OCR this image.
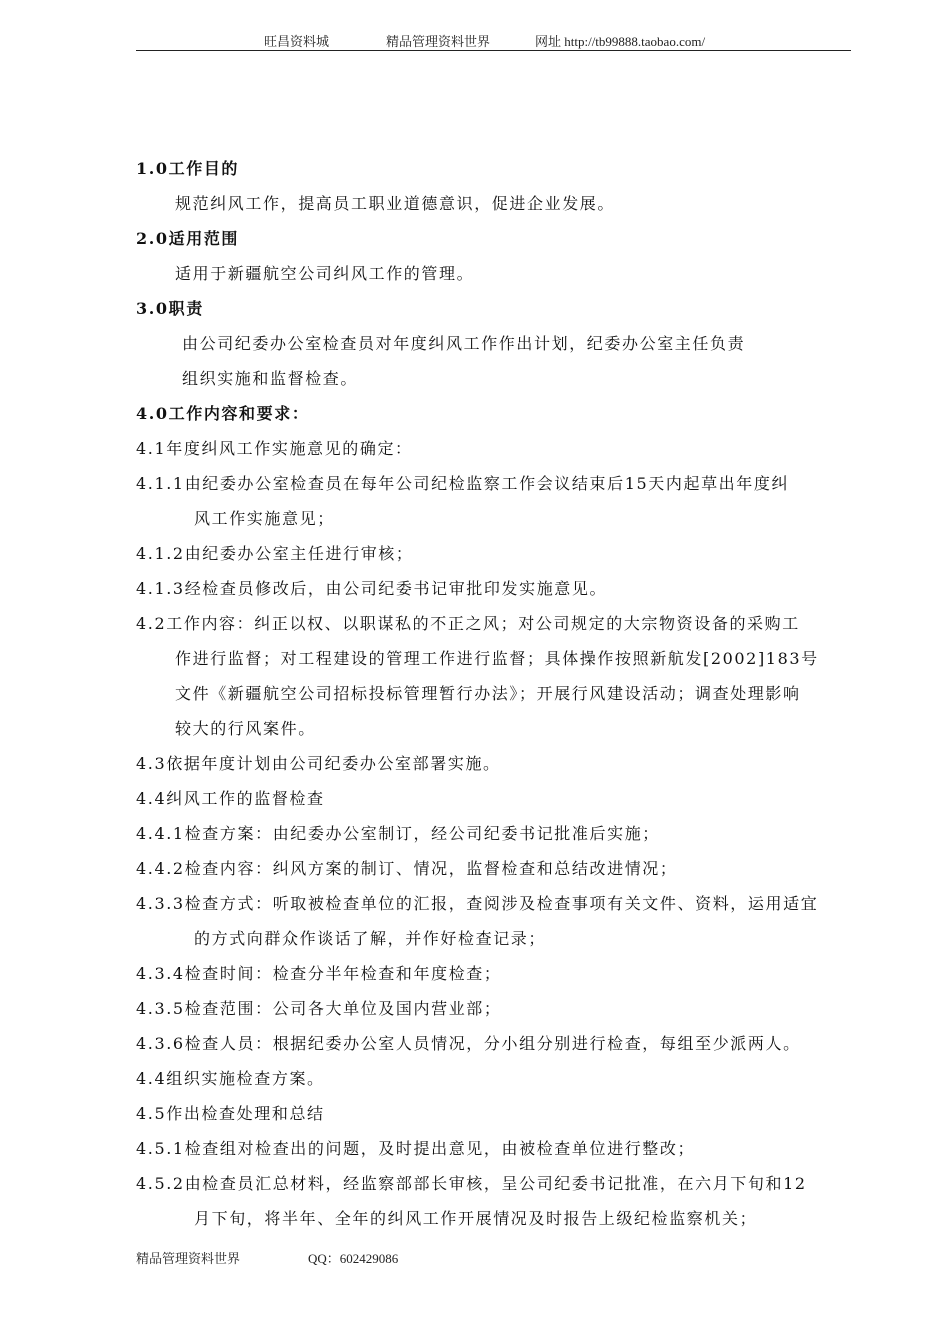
旺昌资料城	精品管理资料世界	网址 http://tb99888.taobao.com/
1.0工作目的
规范纠风工作，提高员工职业道德意识，促进企业发展。
2.0适用范围
适用于新疆航空公司纠风工作的管理。
3.0职责
由公司纪委办公室检查员对年度纠风工作作出计划，纪委办公室主任负责
组织实施和监督检查。
4.0工作内容和要求：
4.1年度纠风工作实施意见的确定：
4.1.1由纪委办公室检查员在每年公司纪检监察工作会议结束后15天内起草出年度纠
风工作实施意见；
4.1.2由纪委办公室主任进行审核；
4.1.3经检查员修改后，由公司纪委书记审批印发实施意见。
4.2工作内容：纠正以权、以职谋私的不正之风；对公司规定的大宗物资设备的采购工
作进行监督；对工程建设的管理工作进行监督；具体操作按照新航发[2002]183号
文件《新疆航空公司招标投标管理暂行办法》；开展行风建设活动；调查处理影响
较大的行风案件。
4.3依据年度计划由公司纪委办公室部署实施。
4.4纠风工作的监督检查
4.4.1检查方案：由纪委办公室制订，经公司纪委书记批准后实施；
4.4.2检查内容：纠风方案的制订、情况，监督检查和总结改进情况；
4.3.3检查方式：听取被检查单位的汇报，查阅涉及检查事项有关文件、资料，运用适宜
的方式向群众作谈话了解，并作好检查记录；
4.3.4检查时间：检查分半年检查和年度检查；
4.3.5检查范围：公司各大单位及国内营业部；
4.3.6检查人员：根据纪委办公室人员情况，分小组分别进行检查，每组至少派两人。
4.4组织实施检查方案。
4.5作出检查处理和总结
4.5.1检查组对检查出的问题，及时提出意见，由被检查单位进行整改；
4.5.2由检查员汇总材料，经监察部部长审核，呈公司纪委书记批准，在六月下旬和12
月下旬，将半年、全年的纠风工作开展情况及时报告上级纪检监察机关；
精品管理资料世界	QQ：602429086
